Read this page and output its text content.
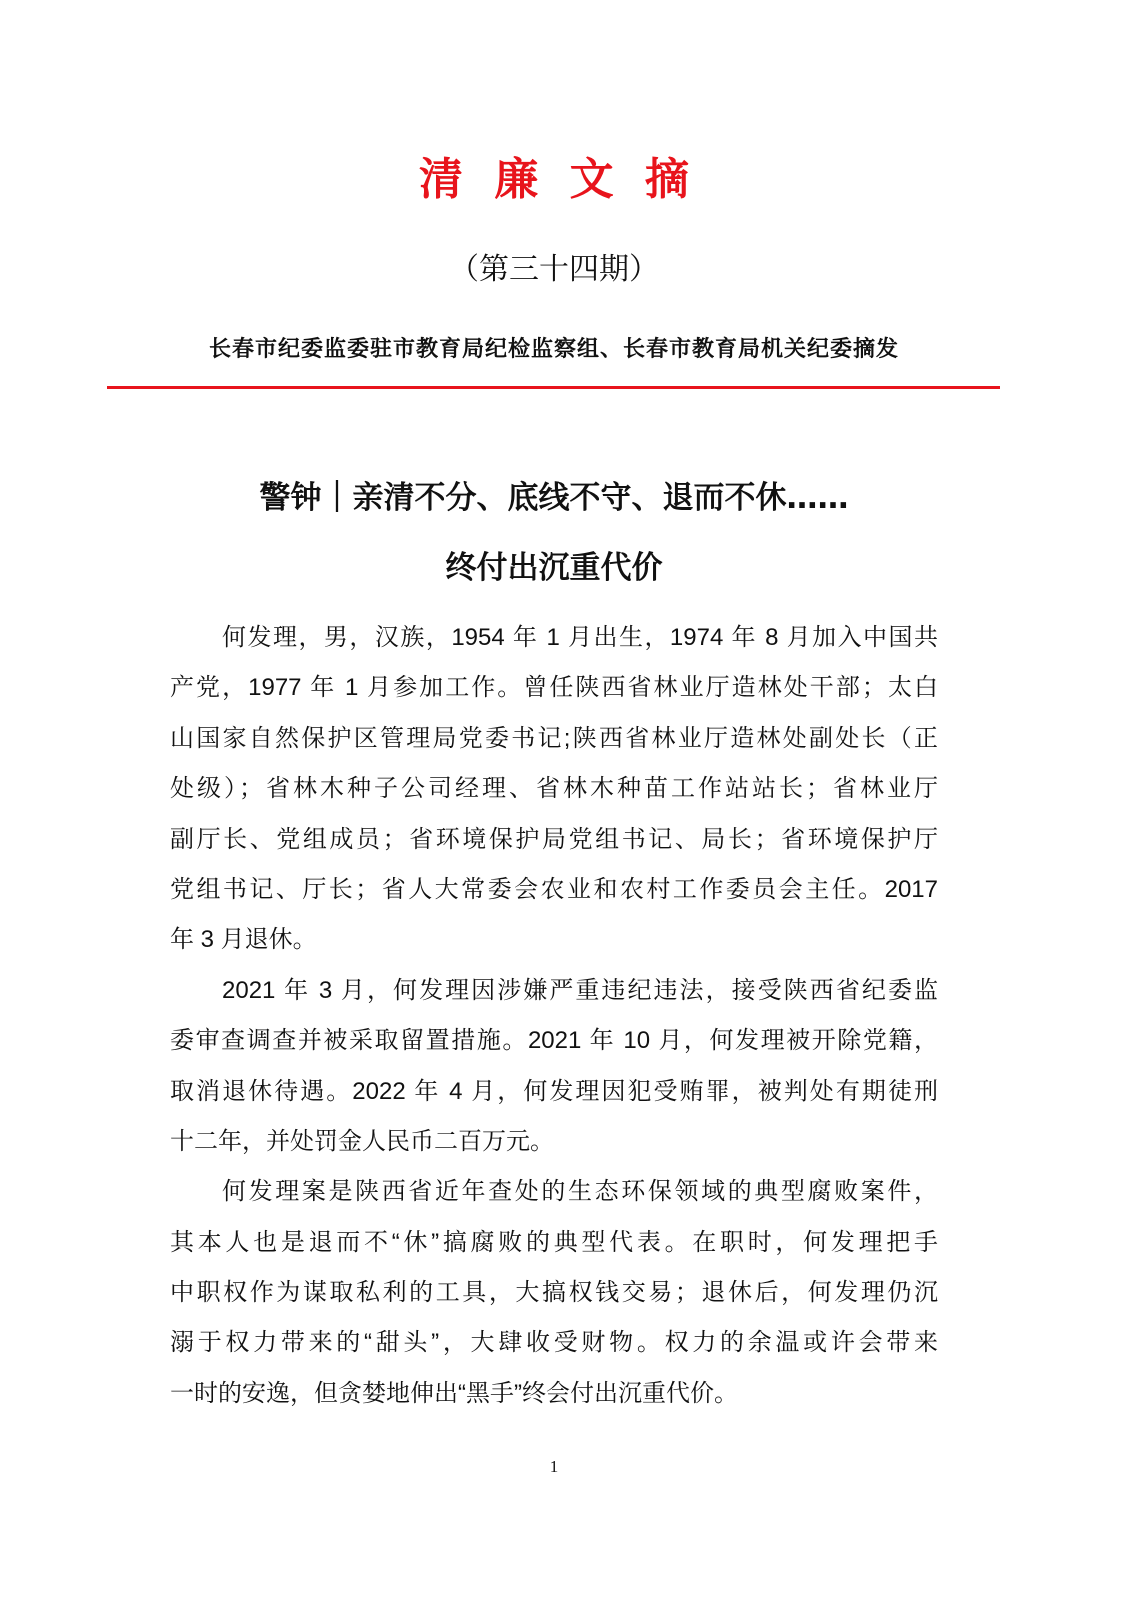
清 廉 文 摘
（第三十四期）
长春市纪委监委驻市教育局纪检监察组、长春市教育局机关纪委摘发
警钟｜亲清不分、底线不守、退而不休……
终付出沉重代价
何发理，男，汉族，1954 年 1 月出生，1974 年 8 月加入中国共
产党，1977 年 1 月参加工作。曾任陕西省林业厅造林处干部；太白
山国家自然保护区管理局党委书记;陕西省林业厅造林处副处长（正
处级）；省林木种子公司经理、省林木种苗工作站站长；省林业厅
副厅长、党组成员；省环境保护局党组书记、局长；省环境保护厅
党组书记、厅长；省人大常委会农业和农村工作委员会主任。2017
年 3 月退休。
2021 年 3 月，何发理因涉嫌严重违纪违法，接受陕西省纪委监
委审查调查并被采取留置措施。2021 年 10 月，何发理被开除党籍，
取消退休待遇。2022 年 4 月，何发理因犯受贿罪，被判处有期徒刑
十二年，并处罚金人民币二百万元。
何发理案是陕西省近年查处的生态环保领域的典型腐败案件，
其本人也是退而不“休”搞腐败的典型代表。在职时，何发理把手
中职权作为谋取私利的工具，大搞权钱交易；退休后，何发理仍沉
溺于权力带来的“甜头”，大肆收受财物。权力的余温或许会带来
一时的安逸，但贪婪地伸出“黑手”终会付出沉重代价。
1
